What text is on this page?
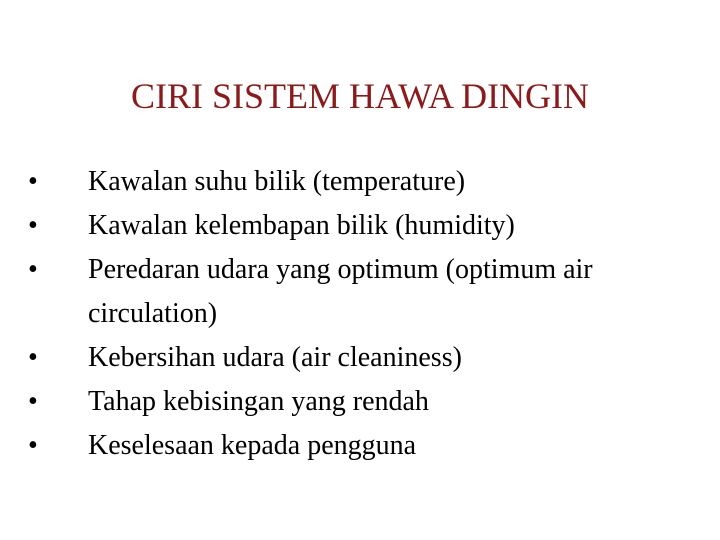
CIRI SISTEM HAWA DINGIN
•	Kawalan suhu bilik (temperature)
•	Kawalan kelembapan bilik (humidity)
•	Peredaran udara yang optimum (optimum air circulation)
•	Kebersihan udara (air cleaniness)
•	Tahap kebisingan yang rendah
•	Keselesaan kepada pengguna
